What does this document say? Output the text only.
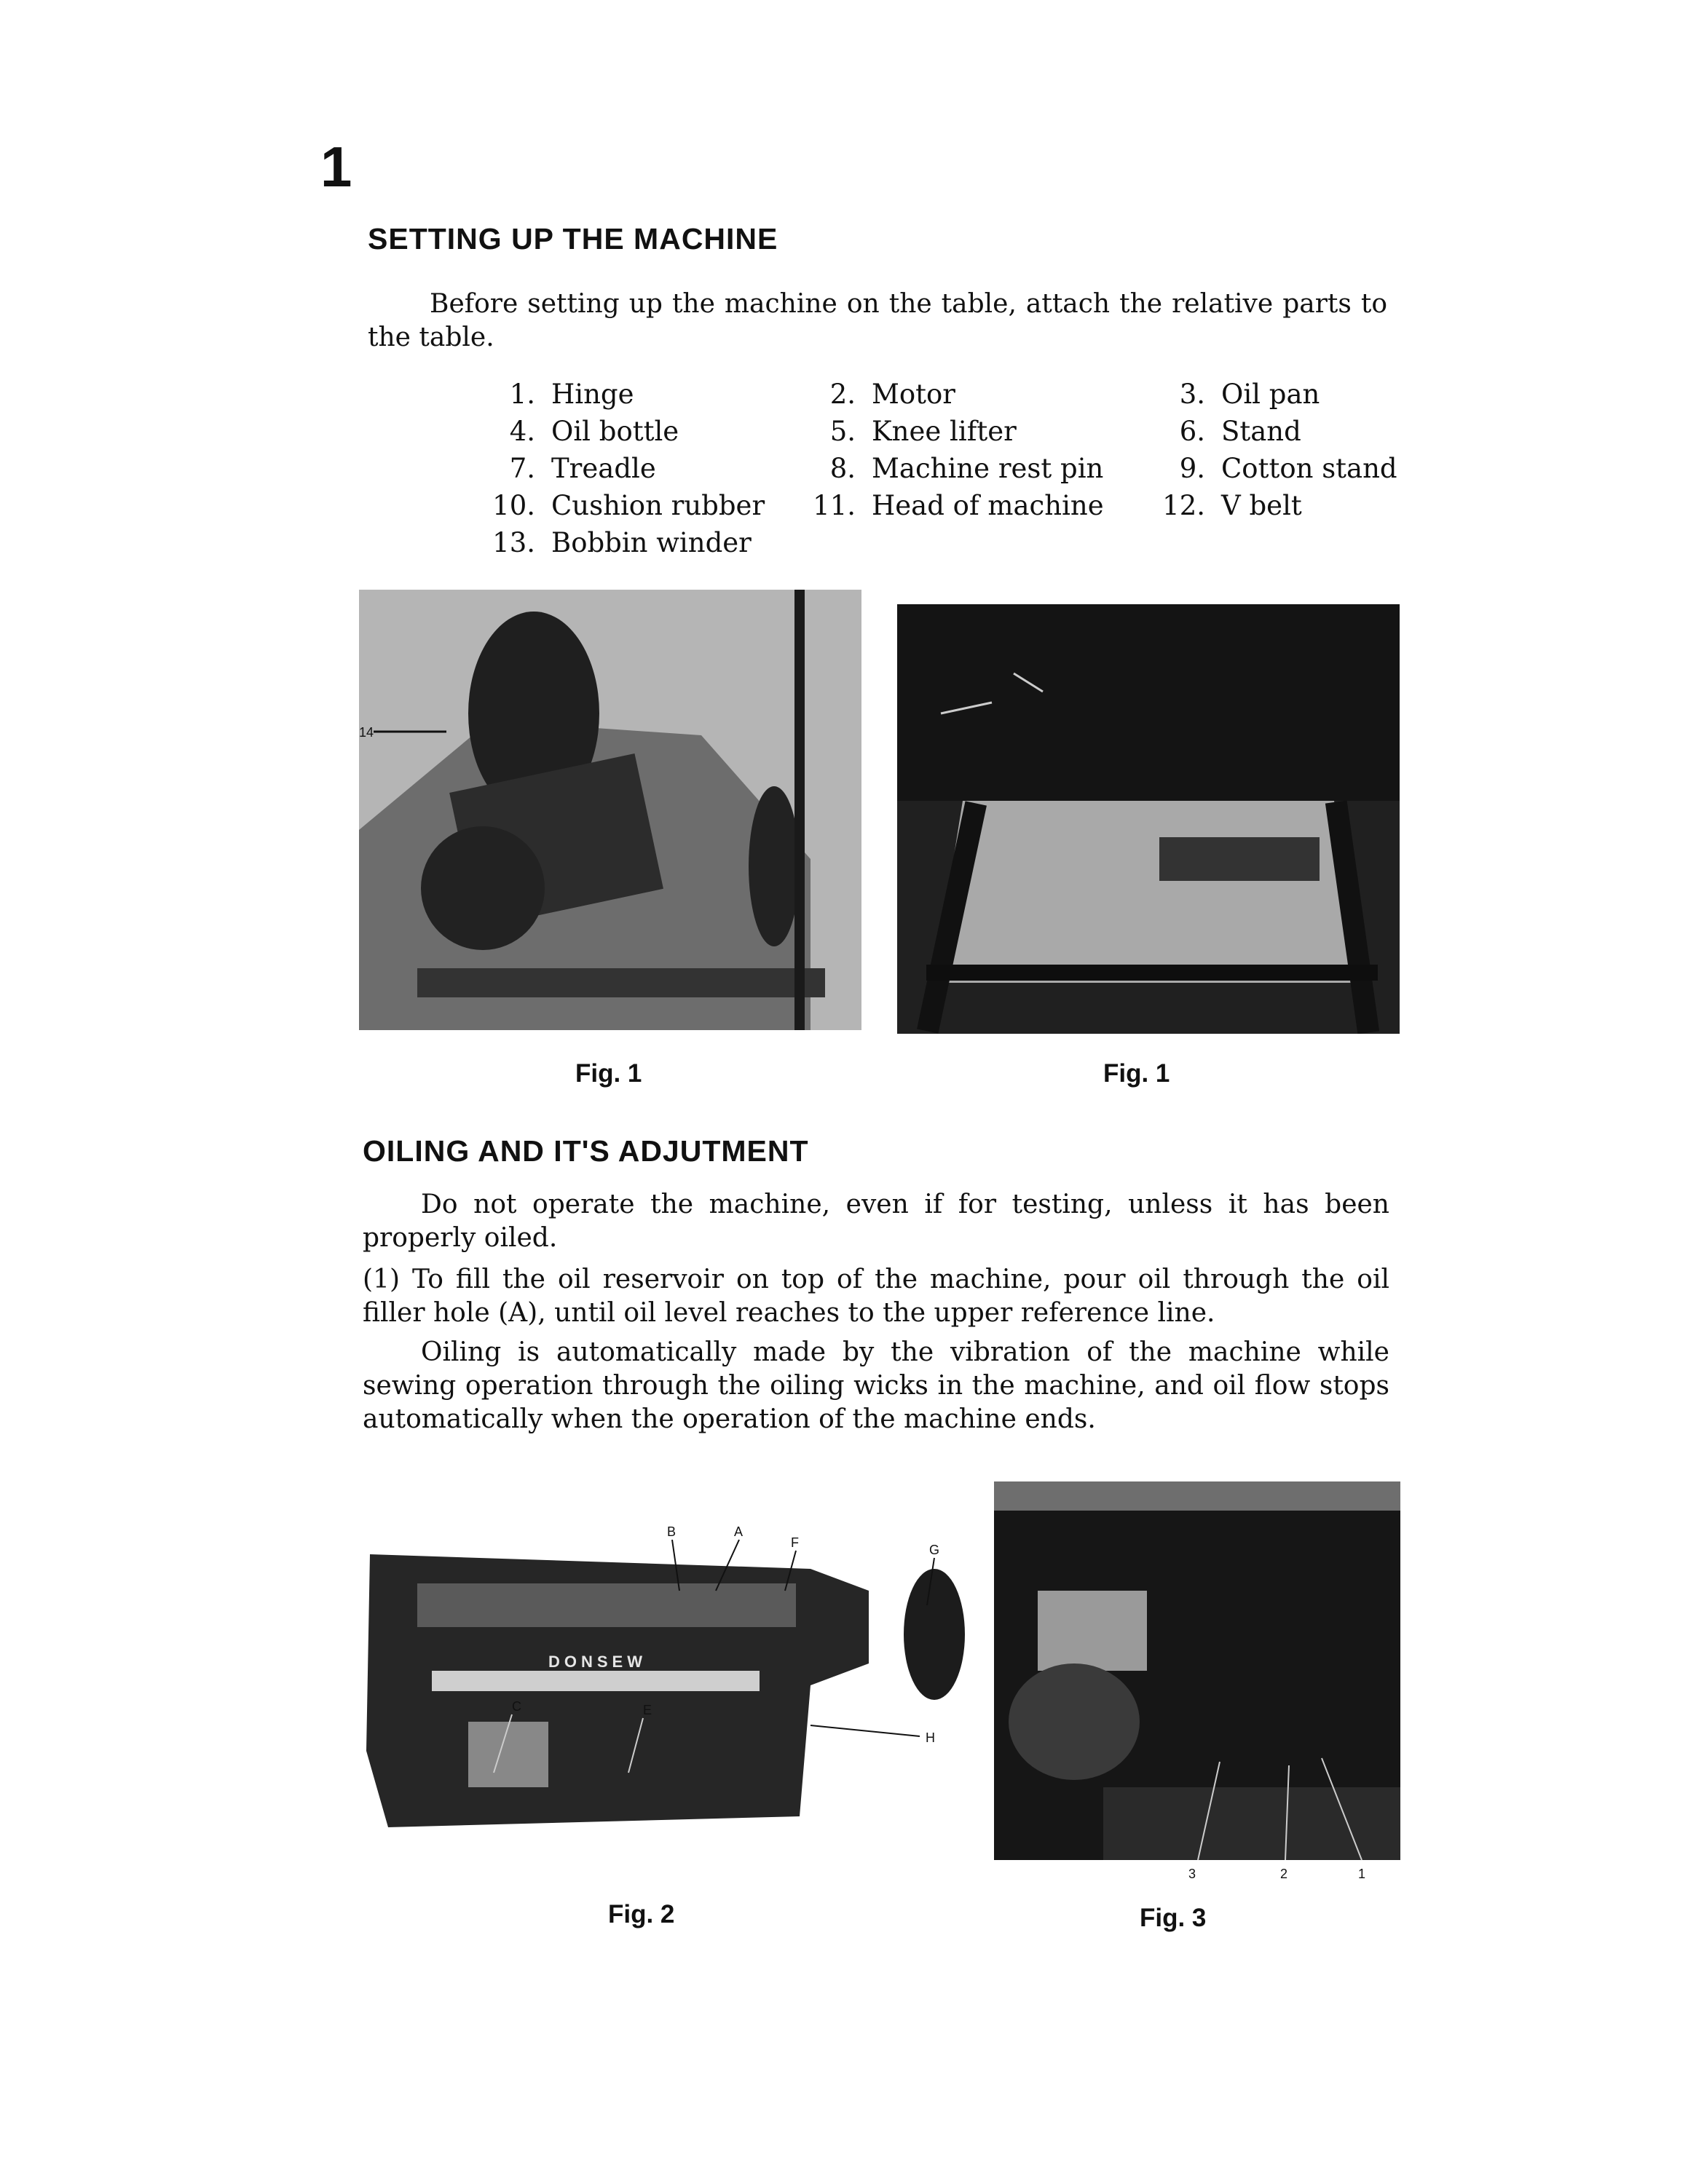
1
SETTING UP THE MACHINE
Before setting up the machine on the table, attach the relative parts to the table.
1. Hinge	2. Motor	3. Oil pan
4. Oil bottle	5. Knee lifter	6. Stand
7. Treadle	8. Machine rest pin	9. Cotton stand
10. Cushion rubber	11. Head of machine	12. V belt
13. Bobbin winder
14
Fig. 1	Fig. 1
OILING AND IT'S ADJUTMENT
Do not operate the machine, even if for testing, unless it has been properly oiled.
(1) To fill the oil reservoir on top of the machine, pour oil through the oil filler hole (A), until oil level reaches to the upper reference line.
Oiling is automatically made by the vibration of the machine while sewing operation through the oiling wicks in the machine, and oil flow stops automatically when the operation of the machine ends.
DONSEW
B	A
F	G
C	E
H
Fig. 2
3	2	1
Fig. 3
